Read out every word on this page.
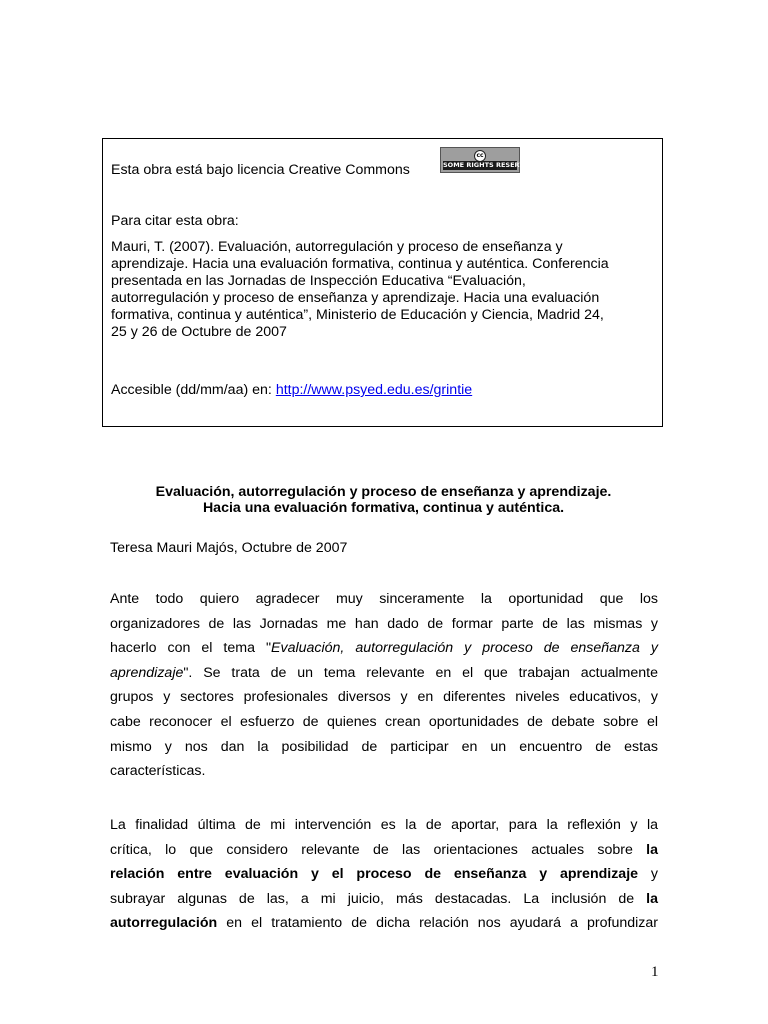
Esta obra está bajo licencia Creative Commons
cc
SOME RIGHTS RESERVED
Para citar esta obra:
Mauri, T. (2007). Evaluación, autorregulación y proceso de enseñanza y
aprendizaje. Hacia una evaluación formativa, continua y auténtica. Conferencia
presentada en las Jornadas de Inspección Educativa “Evaluación,
autorregulación y proceso de enseñanza y aprendizaje. Hacia una evaluación
formativa, continua y auténtica”, Ministerio de Educación y Ciencia, Madrid 24,
25 y 26 de Octubre de 2007
Accesible (dd/mm/aa) en: http://www.psyed.edu.es/grintie
Evaluación, autorregulación y proceso de enseñanza y aprendizaje.
Hacia una evaluación formativa, continua y auténtica.
Teresa Mauri Majós, Octubre de 2007
Ante todo quiero agradecer muy sinceramente la oportunidad que los
organizadores de las Jornadas me han dado de formar parte de las mismas y
hacerlo con el tema "Evaluación, autorregulación y proceso de enseñanza y
aprendizaje". Se trata de un tema relevante en el que trabajan actualmente
grupos y sectores profesionales diversos y en diferentes niveles educativos, y
cabe reconocer el esfuerzo de quienes crean oportunidades de debate sobre el
mismo y nos dan la posibilidad de participar en un encuentro de estas
características.
La finalidad última de mi intervención es la de aportar, para la reflexión y la
crítica, lo que considero relevante de las orientaciones actuales sobre la
relación entre evaluación y el proceso de enseñanza y aprendizaje y
subrayar algunas de las, a mi juicio, más destacadas. La inclusión de la
autorregulación en el tratamiento de dicha relación nos ayudará a profundizar
1
